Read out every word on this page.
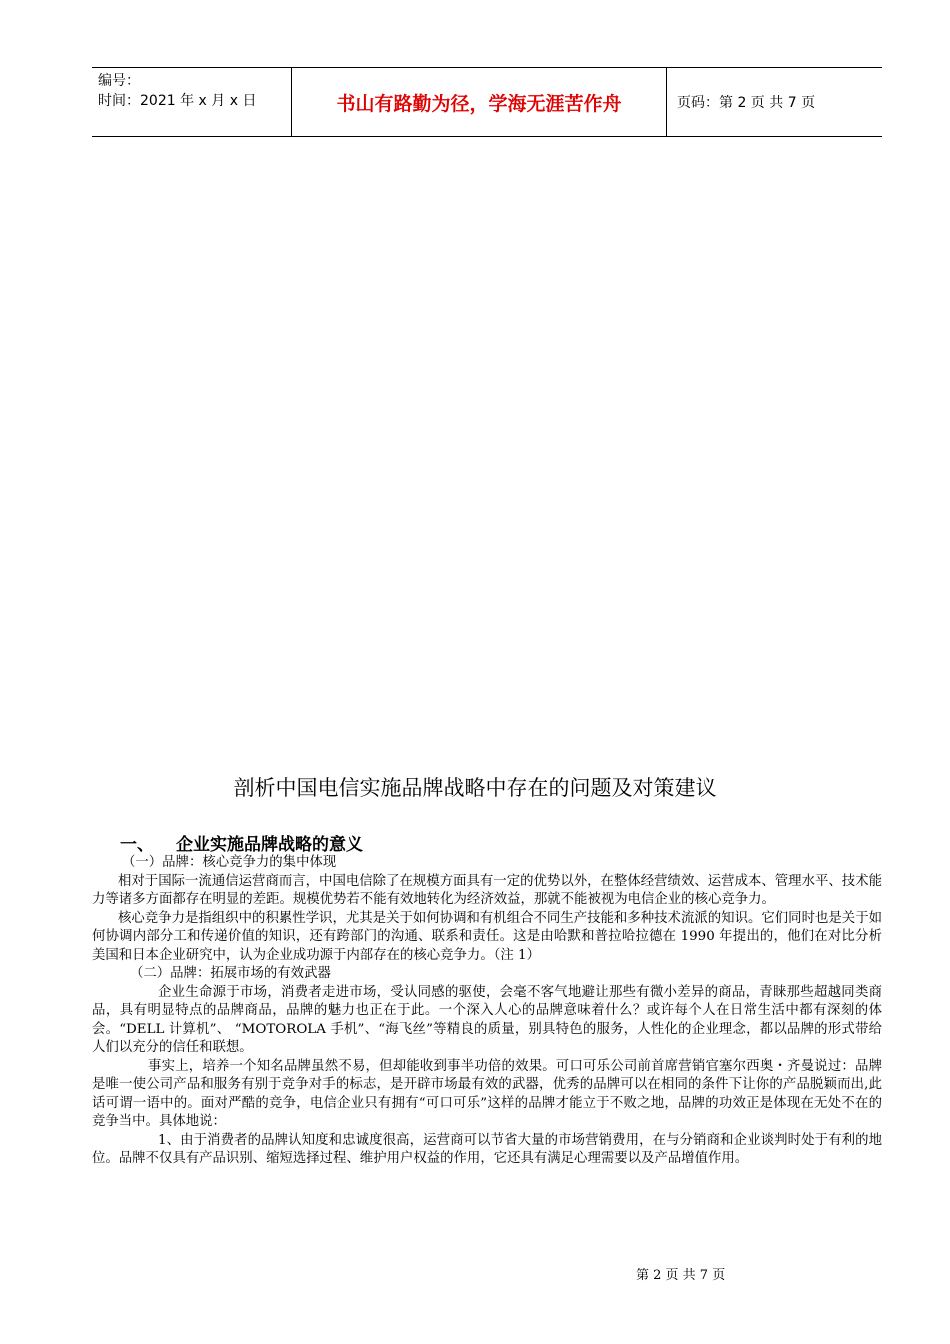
编号：
时间：2021 年 x 月 x 日	书山有路勤为径，学海无涯苦作舟	页码：第 2 页 共 7 页
剖析中国电信实施品牌战略中存在的问题及对策建议
一、 企业实施品牌战略的意义

（一）品牌：核心竞争力的集中体现

相对于国际一流通信运营商而言，中国电信除了在规模方面具有一定的优势以外，在整体经营绩效、运营成本、管理水平、技术能力等诸多方面都存在明显的差距。规模优势若不能有效地转化为经济效益，那就不能被视为电信企业的核心竞争力。

核心竞争力是指组织中的积累性学识，尤其是关于如何协调和有机组合不同生产技能和多种技术流派的知识。它们同时也是关于如何协调内部分工和传递价值的知识，还有跨部门的沟通、联系和责任。这是由哈默和普拉哈拉德在 1990 年提出的，他们在对比分析美国和日本企业研究中，认为企业成功源于内部存在的核心竞争力。（注 1）

（二）品牌：拓展市场的有效武器

企业生命源于市场，消费者走进市场，受认同感的驱使，会毫不客气地避让那些有微小差异的商品，青睐那些超越同类商品，具有明显特点的品牌商品，品牌的魅力也正在于此。一个深入人心的品牌意味着什么？或许每个人在日常生活中都有深刻的体会。“DELL 计算机”、 “MOTOROLA 手机”、“海飞丝”等精良的质量，别具特色的服务，人性化的企业理念，都以品牌的形式带给人们以充分的信任和联想。

事实上，培养一个知名品牌虽然不易，但却能收到事半功倍的效果。可口可乐公司前首席营销官塞尔西奥・齐曼说过：品牌是唯一使公司产品和服务有别于竞争对手的标志，是开辟市场最有效的武器，优秀的品牌可以在相同的条件下让你的产品脱颖而出,此话可谓一语中的。面对严酷的竞争，电信企业只有拥有“可口可乐”这样的品牌才能立于不败之地，品牌的功效正是体现在无处不在的竞争当中。具体地说：

1、由于消费者的品牌认知度和忠诚度很高，运营商可以节省大量的市场营销费用，在与分销商和企业谈判时处于有利的地位。品牌不仅具有产品识别、缩短选择过程、维护用户权益的作用，它还具有满足心理需要以及产品增值作用。

第 2 页 共 7 页
